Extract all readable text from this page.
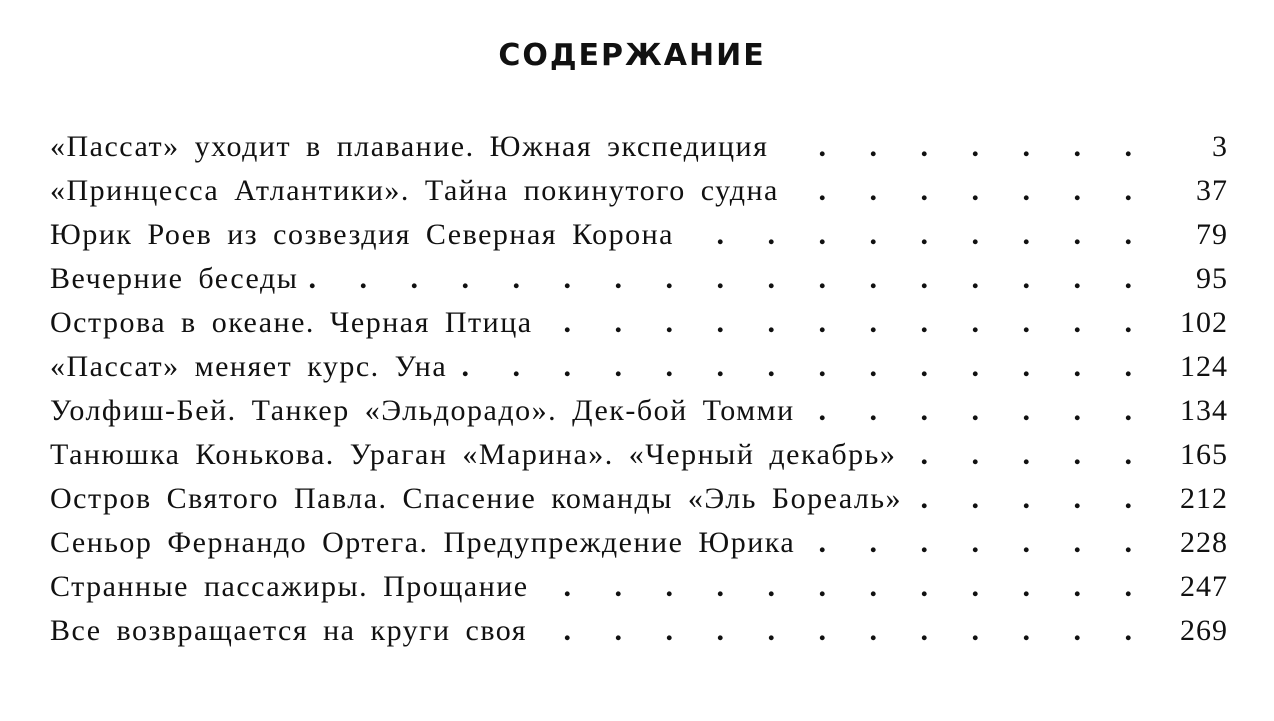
СОДЕРЖАНИЕ
«Пассат» уходит в плавание. Южная экспедиция . . .	3
«Принцесса Атлантики». Тайна покинутого судна . . .	37
Юрик Роев из созвездия Северная Корона . . .	79
Вечерние беседы . . .	95
Острова в океане. Черная Птица . . .	102
«Пассат» меняет курс. Уна . . .	124
Уолфиш-Бей. Танкер «Эльдорадо». Дек-бой Томми . . .	134
Танюшка Конькова. Ураган «Марина». «Черный декабрь» . . .	165
Остров Святого Павла. Спасение команды «Эль Бореаль» . . .	212
Сеньор Фернандо Ортега. Предупреждение Юрика . . .	228
Странные пассажиры. Прощание . . .	247
Все возвращается на круги своя . . .	269
